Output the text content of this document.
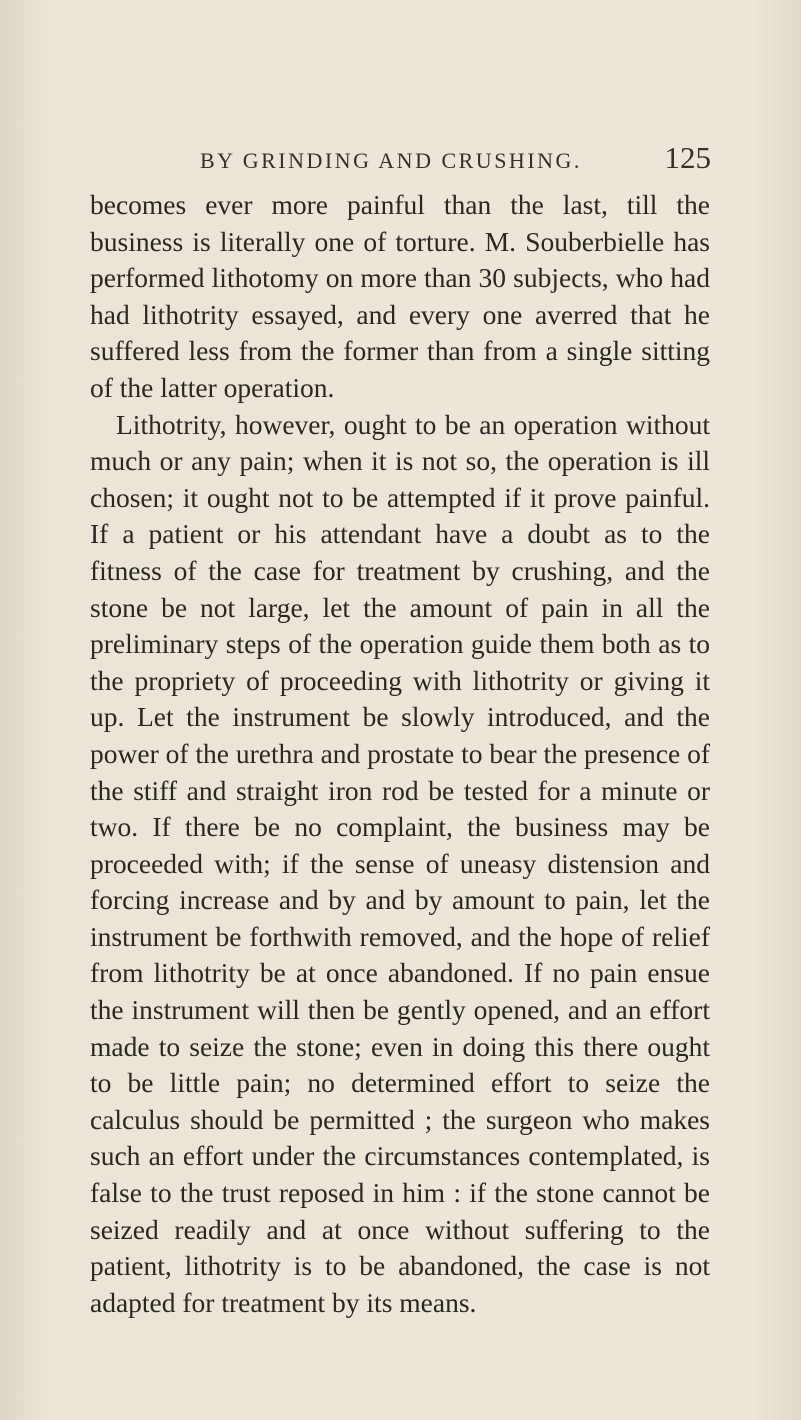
BY GRINDING AND CRUSHING.	125

becomes ever more painful than the last, till the business is literally one of torture. M. Souberbielle has performed lithotomy on more than 30 subjects, who had had lithotrity essayed, and every one averred that he suffered less from the former than from a single sitting of the latter operation.

Lithotrity, however, ought to be an operation without much or any pain; when it is not so, the operation is ill chosen; it ought not to be attempted if it prove painful. If a patient or his attendant have a doubt as to the fitness of the case for treatment by crushing, and the stone be not large, let the amount of pain in all the preliminary steps of the operation guide them both as to the propriety of proceeding with lithotrity or giving it up. Let the instrument be slowly introduced, and the power of the urethra and prostate to bear the presence of the stiff and straight iron rod be tested for a minute or two. If there be no complaint, the business may be proceeded with; if the sense of uneasy distension and forcing increase and by and by amount to pain, let the instrument be forthwith removed, and the hope of relief from lithotrity be at once abandoned. If no pain ensue the instrument will then be gently opened, and an effort made to seize the stone; even in doing this there ought to be little pain; no determined effort to seize the calculus should be permitted ; the surgeon who makes such an effort under the circumstances contemplated, is false to the trust reposed in him : if the stone cannot be seized readily and at once without suffering to the patient, lithotrity is to be abandoned, the case is not adapted for treatment by its means.
